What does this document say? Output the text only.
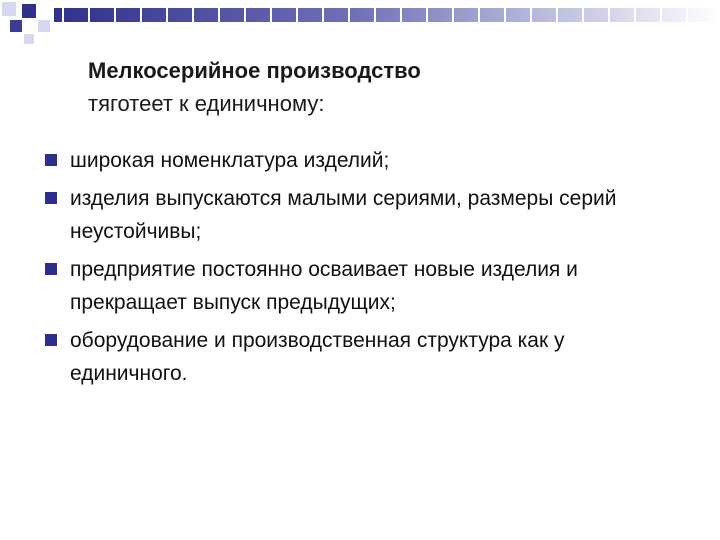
Мелкосерийное производство
тяготеет к единичному:
широкая номенклатура изделий;
изделия выпускаются малыми сериями, размеры серий неустойчивы;
предприятие постоянно осваивает новые изделия и прекращает выпуск предыдущих;
оборудование и производственная структура как у единичного.
